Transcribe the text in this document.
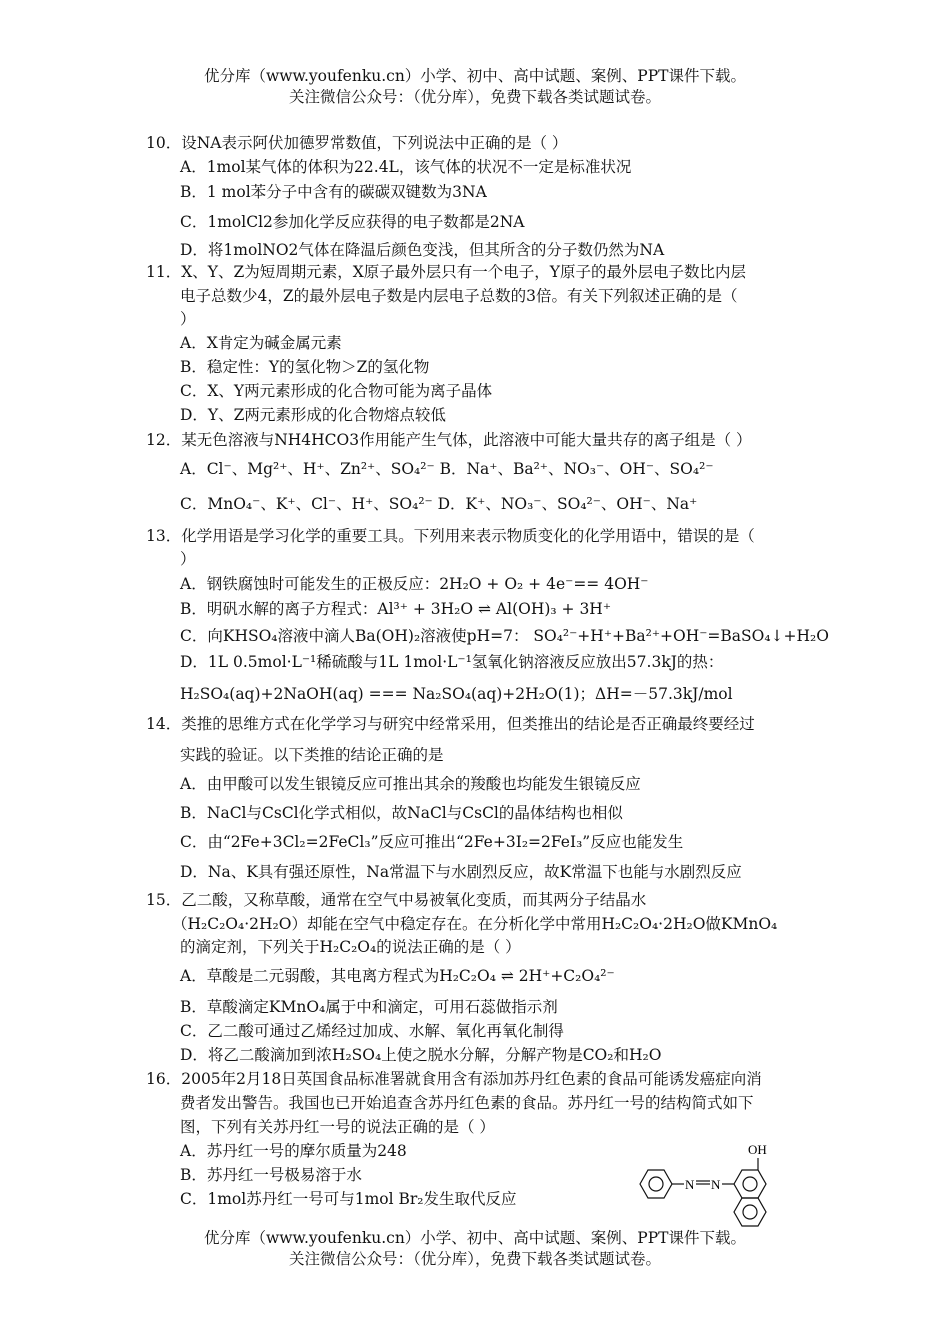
优分库（www.youfenku.cn）小学、初中、高中试题、案例、PPT课件下载。
关注微信公众号：（优分库），免费下载各类试题试卷。
10．设NA表示阿伏加德罗常数值，下列说法中正确的是（ ）
A．1mol某气体的体积为22.4L，该气体的状况不一定是标准状况
B．1 mol苯分子中含有的碳碳双键数为3NA
C．1molCl2参加化学反应获得的电子数都是2NA
D．将1molNO2气体在降温后颜色变浅，但其所含的分子数仍然为NA
11．X、Y、Z为短周期元素，X原子最外层只有一个电子，Y原子的最外层电子数比内层
电子总数少4，Z的最外层电子数是内层电子总数的3倍。有关下列叙述正确的是（
）
A．X肯定为碱金属元素
B．稳定性：Y的氢化物＞Z的氢化物
C．X、Y两元素形成的化合物可能为离子晶体
D．Y、Z两元素形成的化合物熔点较低
12．某无色溶液与NH4HCO3作用能产生气体，此溶液中可能大量共存的离子组是（ ）
A．Cl⁻、Mg²⁺、H⁺、Zn²⁺、SO₄²⁻ B．Na⁺、Ba²⁺、NO₃⁻、OH⁻、SO₄²⁻
C．MnO₄⁻、K⁺、Cl⁻、H⁺、SO₄²⁻ D．K⁺、NO₃⁻、SO₄²⁻、OH⁻、Na⁺
13．化学用语是学习化学的重要工具。下列用来表示物质变化的化学用语中，错误的是（
）
A．钢铁腐蚀时可能发生的正极反应：2H₂O + O₂ + 4e⁻== 4OH⁻
B．明矾水解的离子方程式：Al³⁺ + 3H₂O ⇌ Al(OH)₃ + 3H⁺
C．向KHSO₄溶液中滴人Ba(OH)₂溶液使pH=7： SO₄²⁻+H⁺+Ba²⁺+OH⁻=BaSO₄↓+H₂O
D．1L 0.5mol·L⁻¹稀硫酸与1L 1mol·L⁻¹氢氧化钠溶液反应放出57.3kJ的热：
H₂SO₄(aq)+2NaOH(aq) === Na₂SO₄(aq)+2H₂O(1)；ΔH=－57.3kJ/mol
14．类推的思维方式在化学学习与研究中经常采用，但类推出的结论是否正确最终要经过
实践的验证。以下类推的结论正确的是
A．由甲酸可以发生银镜反应可推出其余的羧酸也均能发生银镜反应
B．NaCl与CsCl化学式相似，故NaCl与CsCl的晶体结构也相似
C．由“2Fe+3Cl₂=2FeCl₃”反应可推出“2Fe+3I₂=2FeI₃”反应也能发生
D．Na、K具有强还原性，Na常温下与水剧烈反应，故K常温下也能与水剧烈反应
15．乙二酸，又称草酸，通常在空气中易被氧化变质，而其两分子结晶水
（H₂C₂O₄·2H₂O）却能在空气中稳定存在。在分析化学中常用H₂C₂O₄·2H₂O做KMnO₄
的滴定剂，下列关于H₂C₂O₄的说法正确的是（ ）
A．草酸是二元弱酸，其电离方程式为H₂C₂O₄ ⇌ 2H⁺+C₂O₄²⁻
B．草酸滴定KMnO₄属于中和滴定，可用石蕊做指示剂
C．乙二酸可通过乙烯经过加成、水解、氧化再氧化制得
D．将乙二酸滴加到浓H₂SO₄上使之脱水分解，分解产物是CO₂和H₂O
16．2005年2月18日英国食品标准署就食用含有添加苏丹红色素的食品可能诱发癌症向消
费者发出警告。我国也已开始追查含苏丹红色素的食品。苏丹红一号的结构简式如下
图，下列有关苏丹红一号的说法正确的是（ ）
A．苏丹红一号的摩尔质量为248
B．苏丹红一号极易溶于水
C．1mol苏丹红一号可与1mol Br₂发生取代反应
OH
N N
优分库（www.youfenku.cn）小学、初中、高中试题、案例、PPT课件下载。
关注微信公众号：（优分库），免费下载各类试题试卷。
